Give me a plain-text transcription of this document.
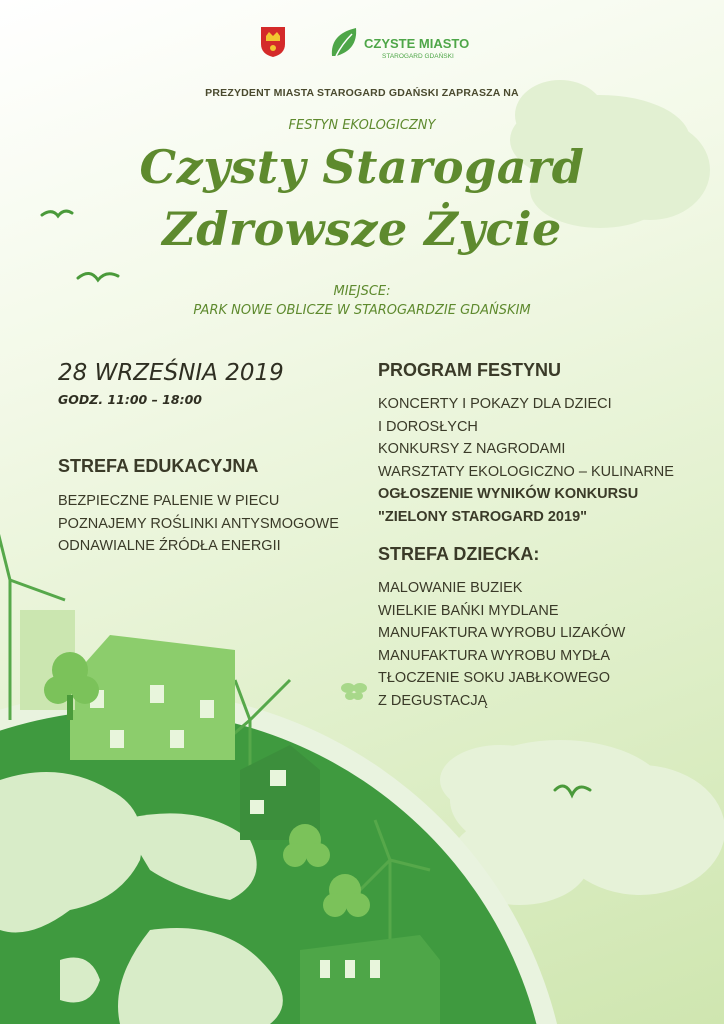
CZYSTE MIASTO
STAROGARD GDAŃSKI
PREZYDENT MIASTA STAROGARD GDAŃSKI ZAPRASZA NA
FESTYN EKOLOGICZNY
Czysty Starogard
Zdrowsze Życie
MIEJSCE:
PARK NOWE OBLICZE W STAROGARDZIE GDAŃSKIM
28 WRZEŚNIA 2019
GODZ. 11:00 – 18:00
STREFA EDUKACYJNA
BEZPIECZNE PALENIE W PIECU
POZNAJEMY ROŚLINKI ANTYSMOGOWE
ODNAWIALNE ŹRÓDŁA ENERGII
PROGRAM FESTYNU
KONCERTY I POKAZY DLA DZIECI
I DOROSŁYCH
KONKURSY Z NAGRODAMI
WARSZTATY EKOLOGICZNO – KULINARNE
OGŁOSZENIE WYNIKÓW KONKURSU
"ZIELONY STAROGARD 2019"
STREFA DZIECKA:
MALOWANIE BUZIEK
WIELKIE BAŃKI MYDLANE
MANUFAKTURA WYROBU LIZAKÓW
MANUFAKTURA WYROBU MYDŁA
TŁOCZENIE SOKU JABŁKOWEGO
Z DEGUSTACJĄ
